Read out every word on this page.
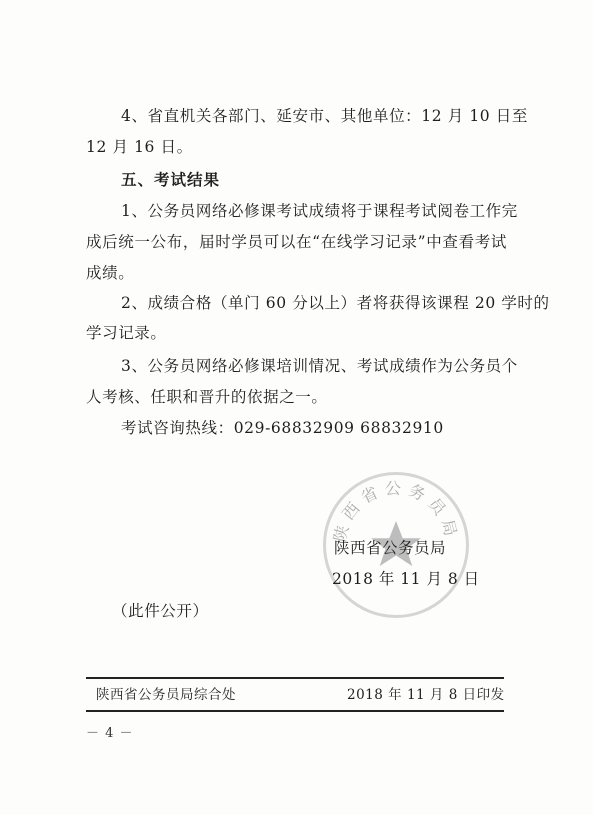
4、省直机关各部门、延安市、其他单位：12 月 10 日至
12 月 16 日。
五、考试结果
1、公务员网络必修课考试成绩将于课程考试阅卷工作完
成后统一公布，届时学员可以在“在线学习记录”中查看考试
成绩。
2、成绩合格（单门 60 分以上）者将获得该课程 20 学时的
学习记录。
3、公务员网络必修课培训情况、考试成绩作为公务员个
人考核、任职和晋升的依据之一。
考试咨询热线：029-68832909 68832910
陕西省公务员局
陕西省公务员局
2018 年 11 月 8 日
（此件公开）
陕西省公务员局综合处	2018 年 11 月 8 日印发
－ 4 －
